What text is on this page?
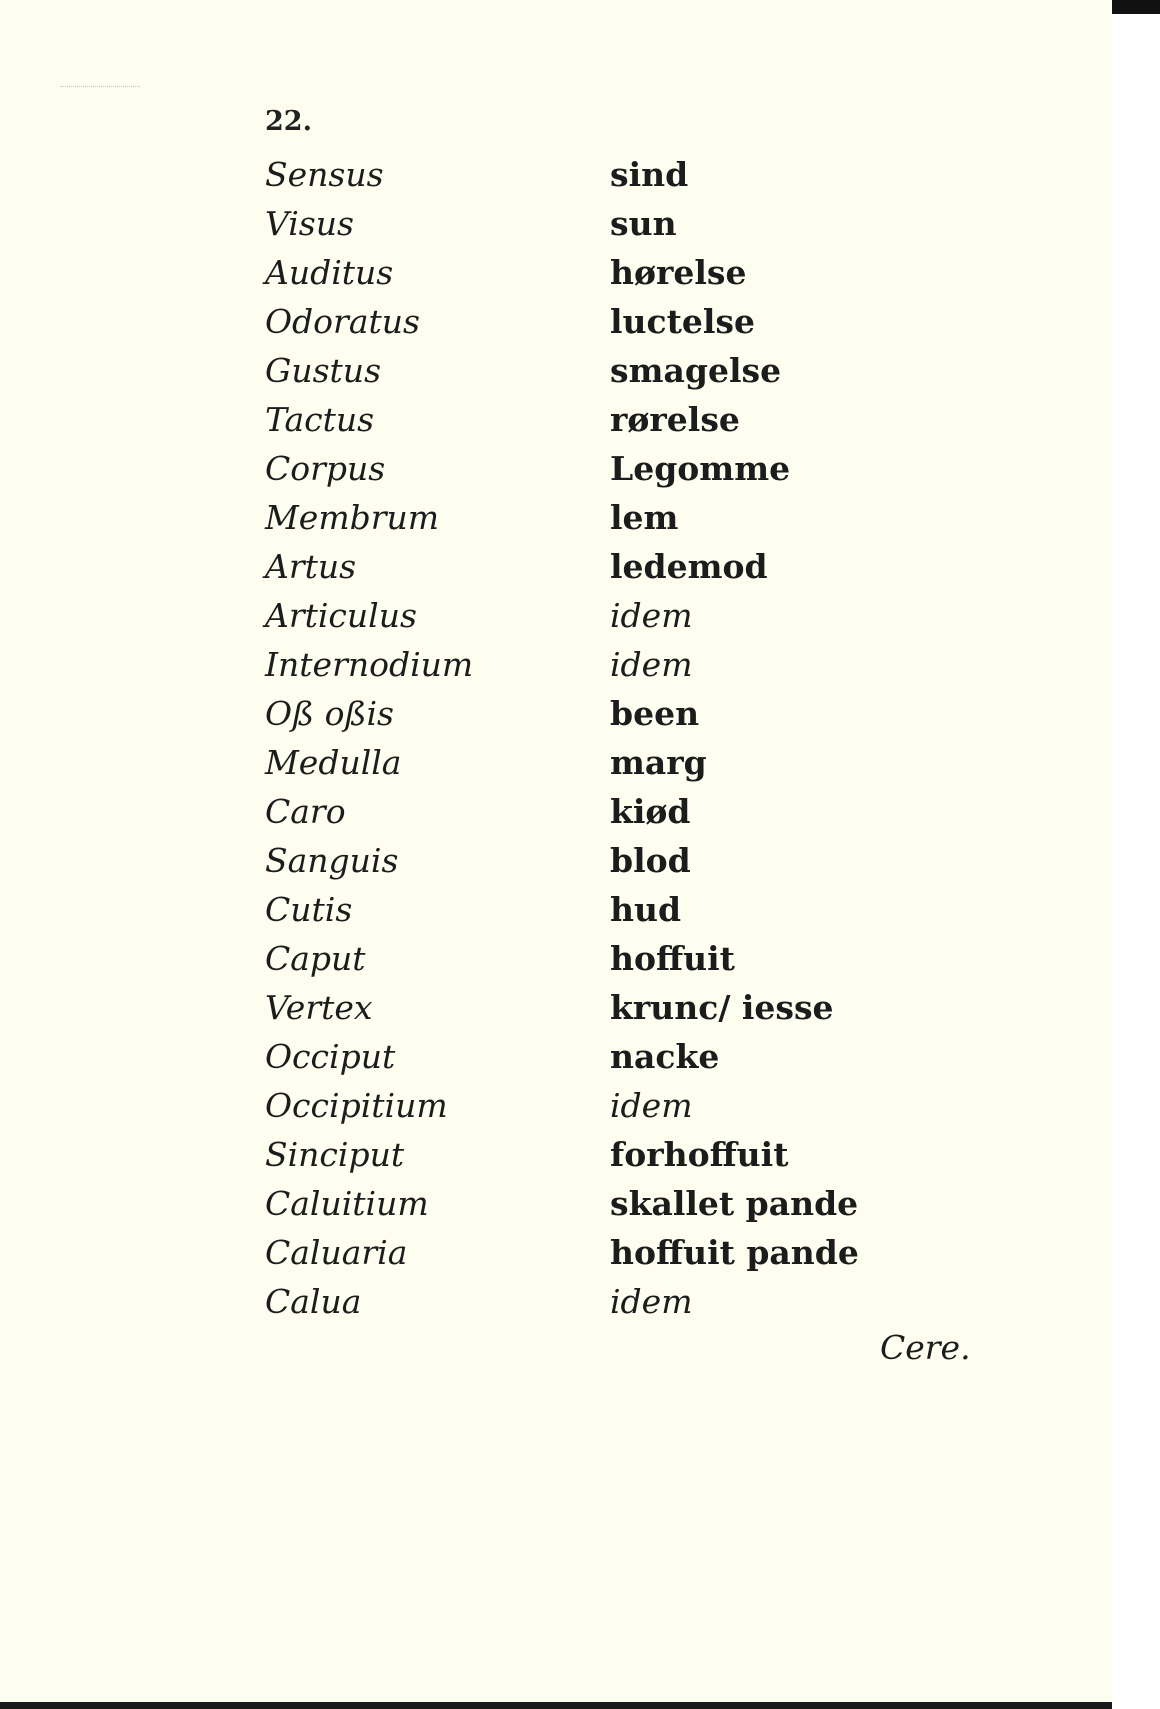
22.

Sensus	sind
Visus	sun
Auditus	hørelse
Odoratus	luctelse
Gustus	smagelse
Tactus	rørelse
Corpus	Legomme
Membrum	lem
Artus	ledemod
Articulus	idem
Internodium	idem
Oß oßis	been
Medulla	marg
Caro	kiød
Sanguis	blod
Cutis	hud
Caput	hoffuit
Vertex	krunc/ iesse
Occiput	nacke
Occipitium	idem
Sinciput	forhoffuit
Caluitium	skallet pande
Caluaria	hoffuit pande
Calua	idem

Cere.
